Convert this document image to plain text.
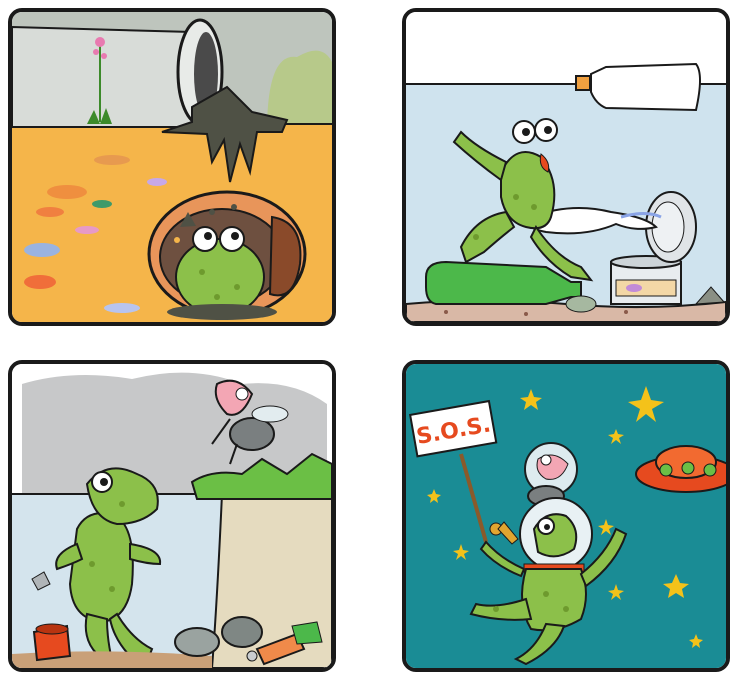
S.O.S.
